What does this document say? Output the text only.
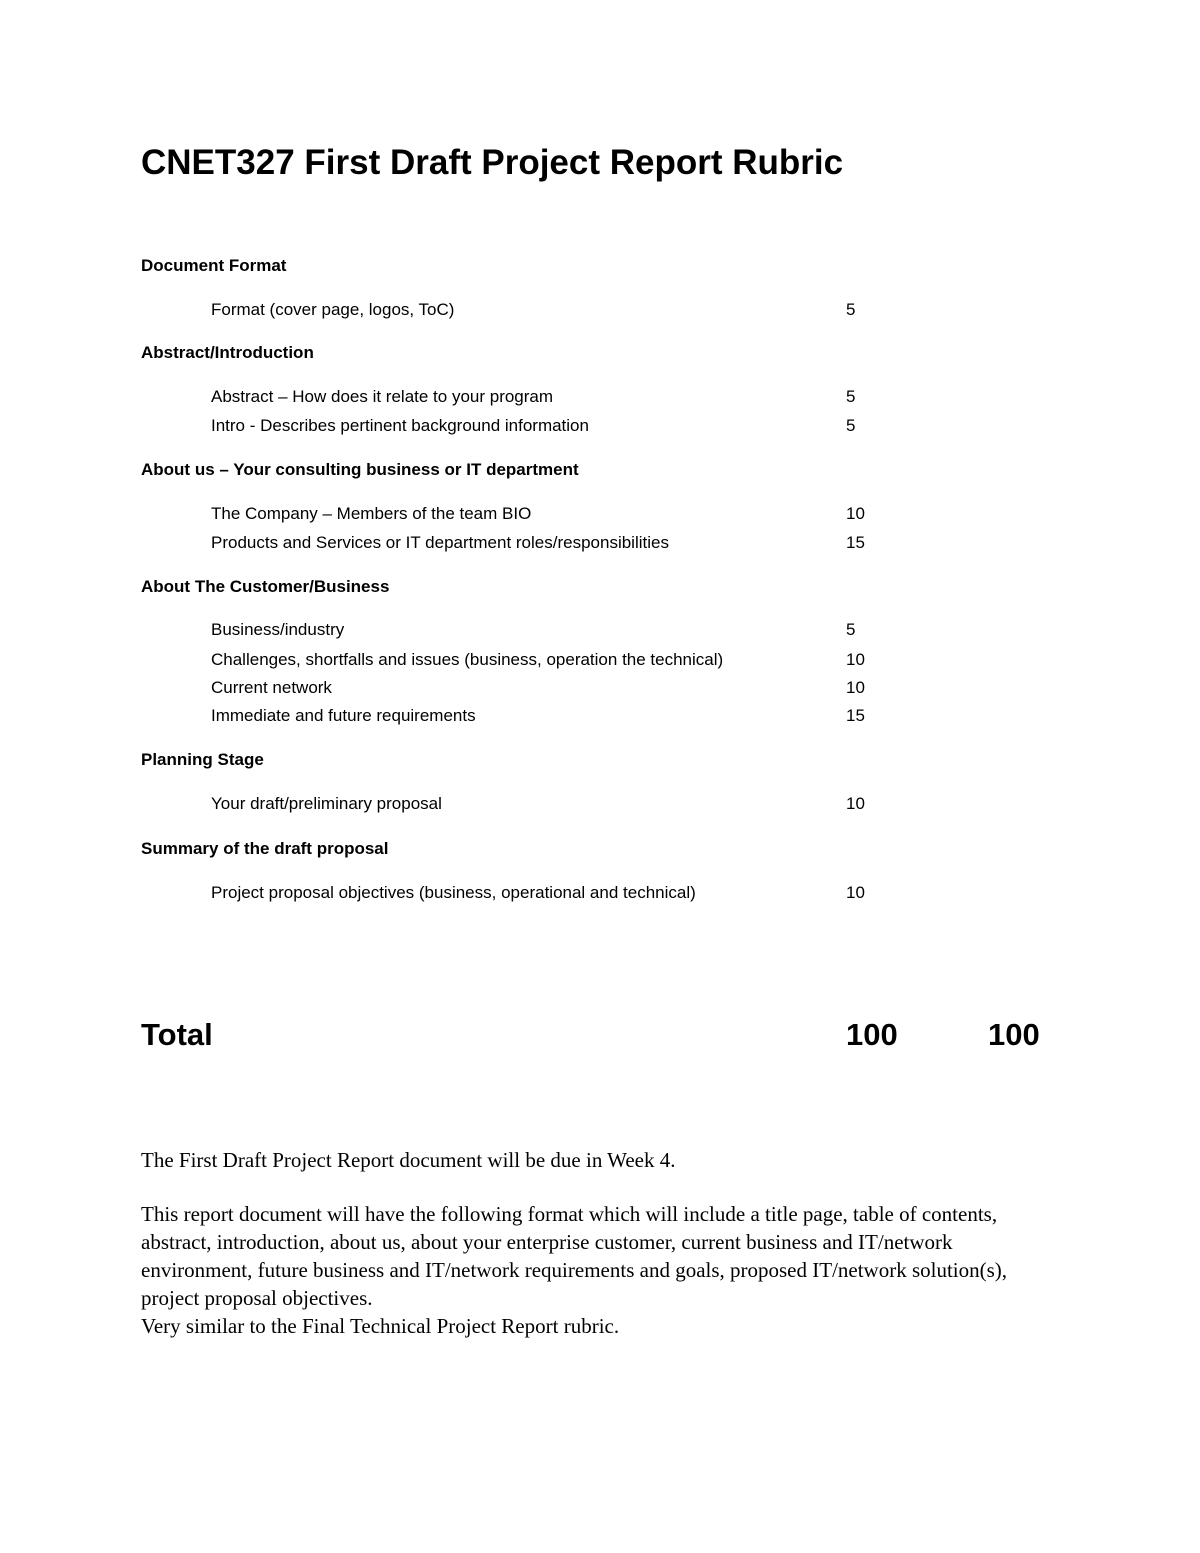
CNET327 First Draft Project Report Rubric
Document Format
Format (cover page, logos, ToC)	5
Abstract/Introduction
Abstract – How does it relate to your program	5
Intro - Describes pertinent background information	5
About us – Your consulting business or IT department
The Company – Members of the team BIO	10
Products and Services or IT department roles/responsibilities	15
About The Customer/Business
Business/industry	5
Challenges, shortfalls and issues (business, operation the technical)	10
Current network	10
Immediate and future requirements	15
Planning Stage
Your draft/preliminary proposal	10
Summary of the draft proposal
Project proposal objectives (business, operational and technical)	10
Total	100	100
The First Draft Project Report document will be due in Week 4.
This report document will have the following format which will include a title page, table of contents, abstract, introduction, about us, about your enterprise customer, current business and IT/network environment, future business and IT/network requirements and goals, proposed IT/network solution(s), project proposal objectives.
Very similar to the Final Technical Project Report rubric.
